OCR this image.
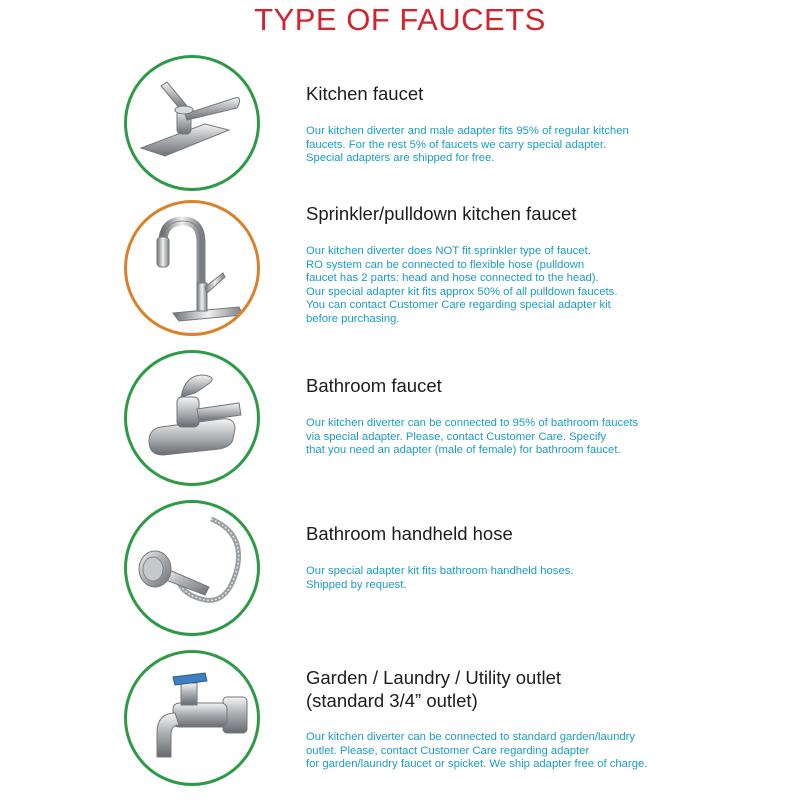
TYPE OF FAUCETS
Kitchen faucet
Our kitchen diverter and male adapter fits 95% of regular kitchen
faucets. For the rest 5% of faucets we carry special adapter.
Special adapters are shipped for free.
Sprinkler/pulldown kitchen faucet
Our kitchen diverter does NOT fit sprinkler type of faucet.
RO system can be connected to flexible hose (pulldown
faucet has 2 parts: head and hose connected to the head).
Our special adapter kit fits approx 50% of all pulldown faucets.
You can contact Customer Care regarding special adapter kit
before purchasing.
Bathroom faucet
Our kitchen diverter can be connected to 95% of bathroom faucets
via special adapter. Please, contact Customer Care. Specify
that you need an adapter (male of female) for bathroom faucet.
Bathroom handheld hose
Our special adapter kit fits bathroom handheld hoses.
Shipped by request.
Garden / Laundry / Utility outlet
(standard 3/4” outlet)
Our kitchen diverter can be connected to standard garden/laundry
outlet. Please, contact Customer Care regarding adapter
for garden/laundry faucet or spicket. We ship adapter free of charge.
